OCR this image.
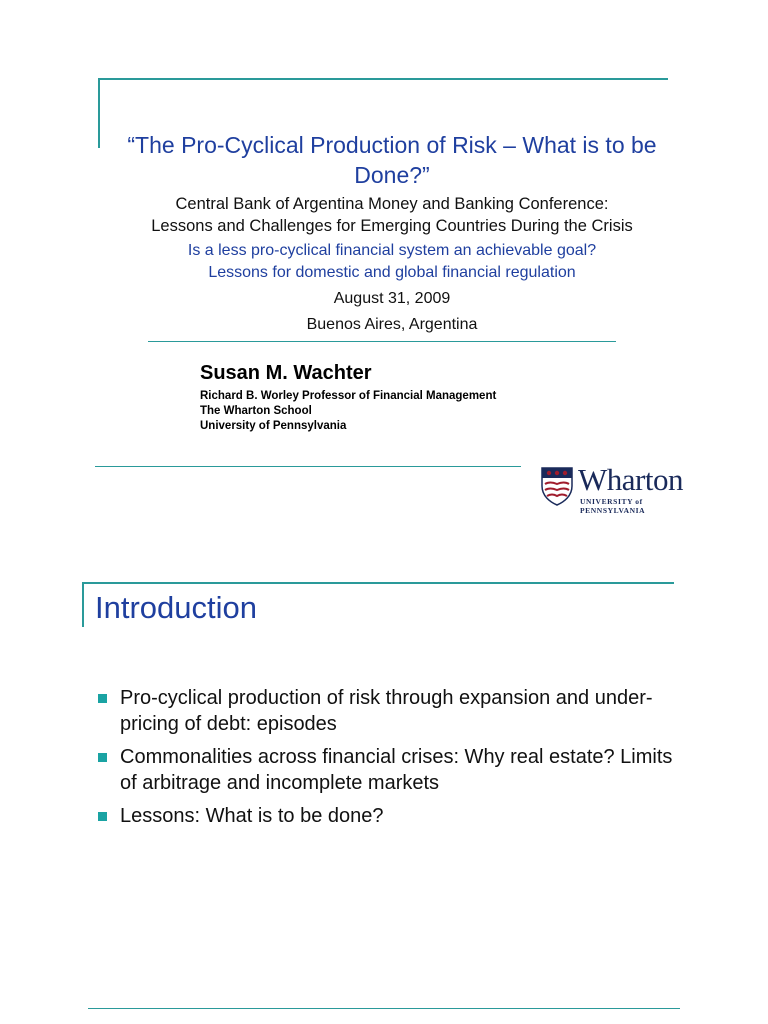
“The Pro-Cyclical Production of Risk – What is to be Done?”
Central Bank of Argentina Money and Banking Conference:
Lessons and Challenges for Emerging Countries During the Crisis
Is a less pro-cyclical financial system an achievable goal?
Lessons for domestic and global financial regulation
August 31, 2009
Buenos Aires, Argentina
Susan M. Wachter
Richard B. Worley Professor of Financial Management
The Wharton School
University of Pennsylvania
Wharton
UNIVERSITY of PENNSYLVANIA
Introduction
Pro-cyclical production of risk through expansion and under-pricing of debt: episodes
Commonalities across financial crises: Why real estate? Limits of arbitrage and incomplete markets
Lessons: What is to be done?
